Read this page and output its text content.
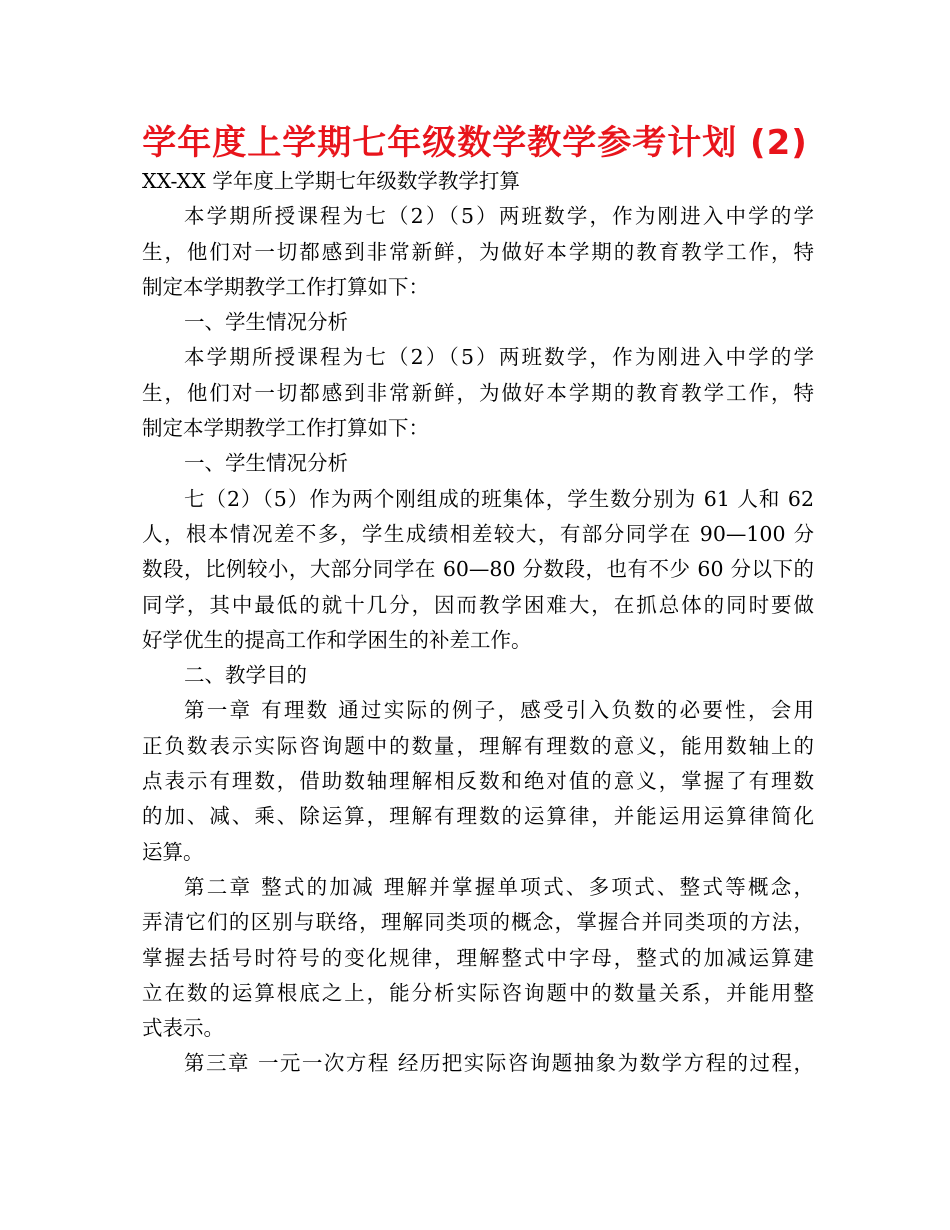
学年度上学期七年级数学教学参考计划 (2)
XX-XX 学年度上学期七年级数学教学打算
本学期所授课程为七（2）（5）两班数学，作为刚进入中学的学
生，他们对一切都感到非常新鲜，为做好本学期的教育教学工作，特
制定本学期教学工作打算如下：
一、学生情况分析
本学期所授课程为七（2）（5）两班数学，作为刚进入中学的学
生，他们对一切都感到非常新鲜，为做好本学期的教育教学工作，特
制定本学期教学工作打算如下：
一、学生情况分析
七（2）（5）作为两个刚组成的班集体，学生数分别为 61 人和 62
人，根本情况差不多，学生成绩相差较大，有部分同学在 90—100 分
数段，比例较小，大部分同学在 60—80 分数段，也有不少 60 分以下的
同学，其中最低的就十几分，因而教学困难大，在抓总体的同时要做
好学优生的提高工作和学困生的补差工作。
二、教学目的
第一章 有理数 通过实际的例子，感受引入负数的必要性，会用
正负数表示实际咨询题中的数量，理解有理数的意义，能用数轴上的
点表示有理数，借助数轴理解相反数和绝对值的意义，掌握了有理数
的加、减、乘、除运算，理解有理数的运算律，并能运用运算律简化
运算。
第二章 整式的加减 理解并掌握单项式、多项式、整式等概念，
弄清它们的区别与联络，理解同类项的概念，掌握合并同类项的方法，
掌握去括号时符号的变化规律，理解整式中字母，整式的加减运算建
立在数的运算根底之上，能分析实际咨询题中的数量关系，并能用整
式表示。
第三章 一元一次方程 经历把实际咨询题抽象为数学方程的过程，
